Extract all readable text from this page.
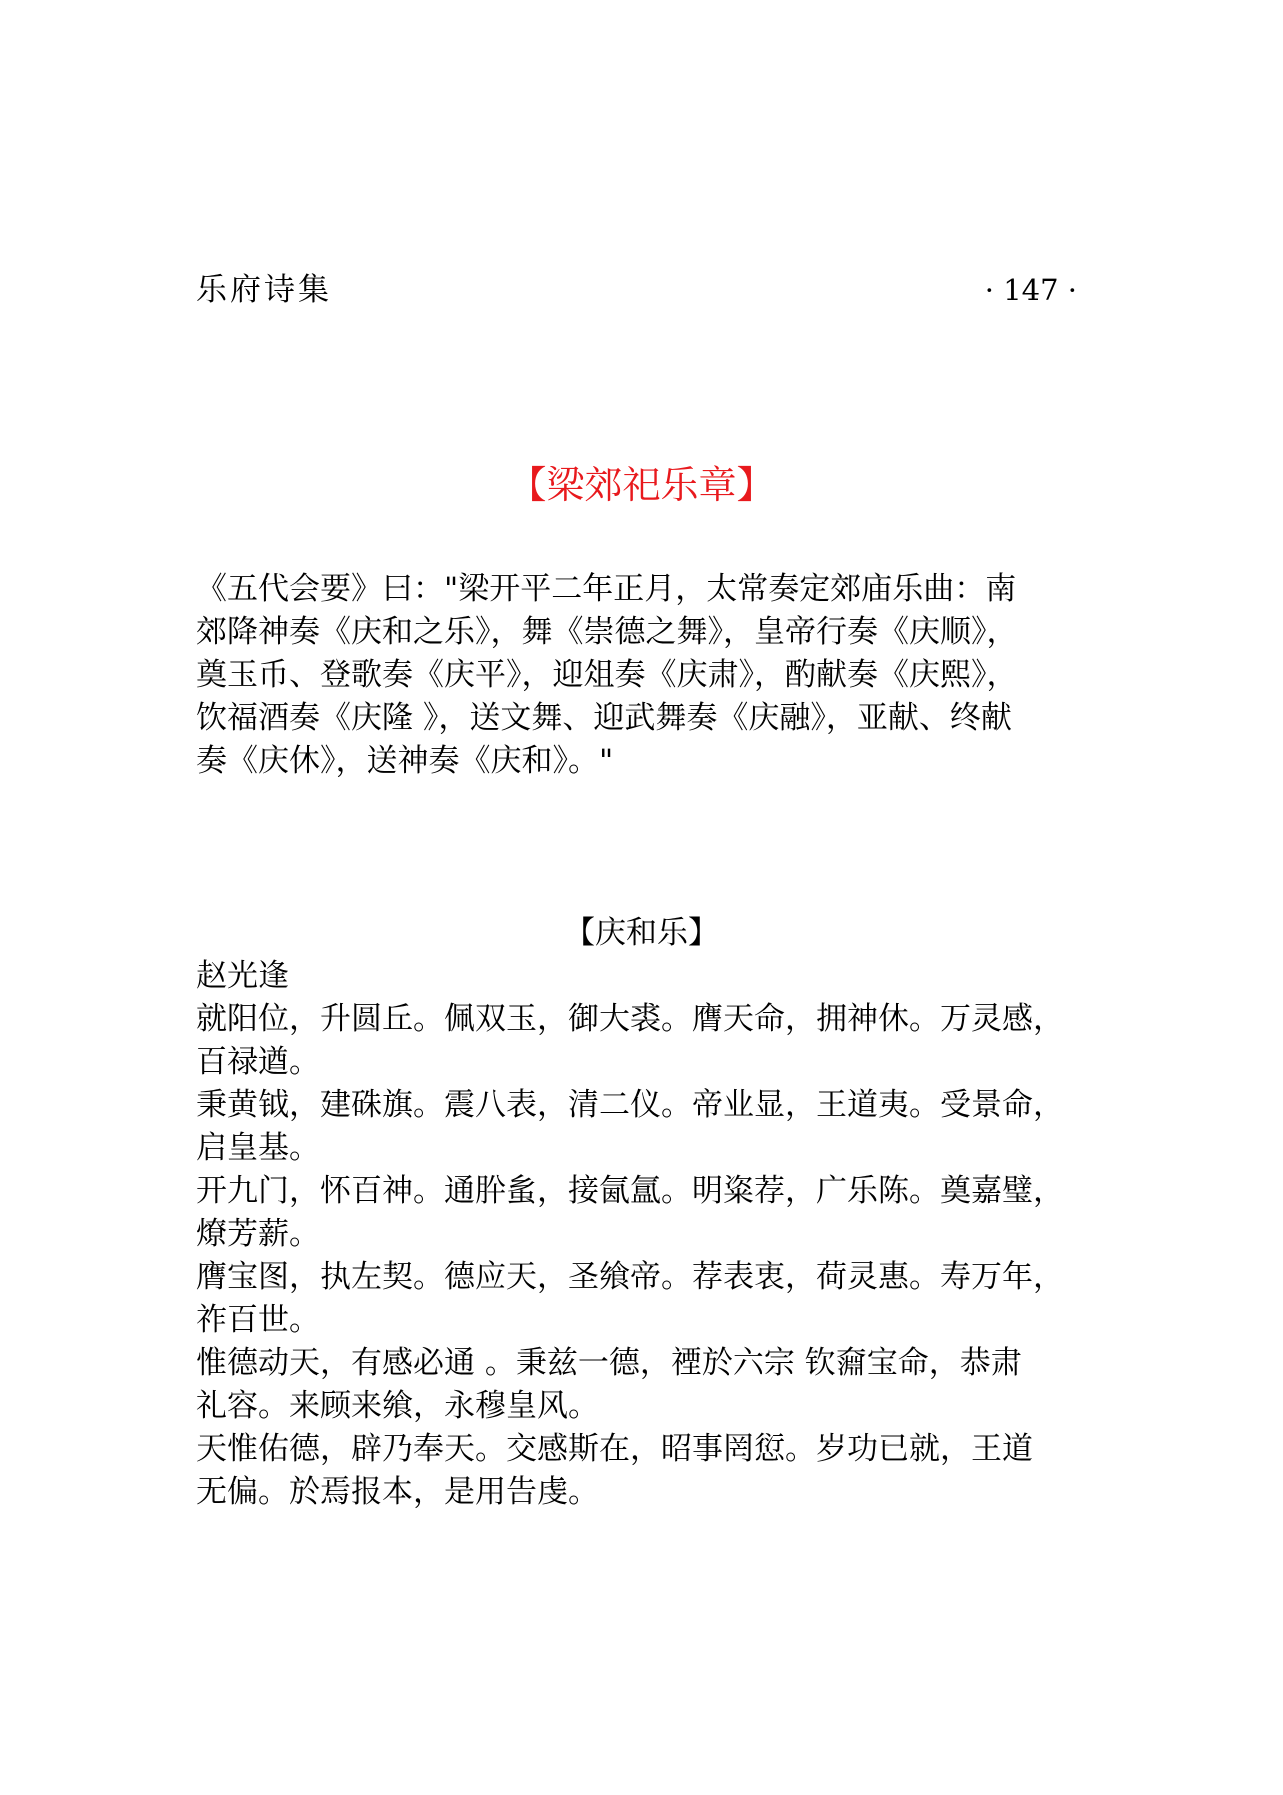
乐府诗集	· 147 ·
【梁郊祀乐章】
《五代会要》曰："梁开平二年正月，太常奏定郊庙乐曲：南
郊降神奏《庆和之乐》，舞《崇德之舞》，皇帝行奏《庆顺》，
奠玉币、登歌奏《庆平》，迎俎奏《庆肃》，酌献奏《庆熙》，
饮福酒奏《庆隆 》，送文舞、迎武舞奏《庆融》，亚献、终献
奏《庆休》，送神奏《庆和》。"
【庆和乐】
赵光逢
就阳位，升圆丘。佩双玉，御大裘。膺天命，拥神休。万灵感，
百禄遒。
秉黄钺，建硃旗。震八表，清二仪。帝业显，王道夷。受景命，
启皇基。
开九门，怀百神。通肸蚃，接氤氲。明粢荐，广乐陈。奠嘉璧，
燎芳薪。
膺宝图，执左契。德应天，圣飨帝。荐表衷，荷灵惠。寿万年，
祚百世。
惟德动天，有感必通 。秉兹一德，禋於六宗 钦奫宝命，恭肃
礼容。来顾来飨，永穆皇风。
天惟佑德，辟乃奉天。交感斯在，昭事罔愆。岁功已就，王道
无偏。於焉报本，是用告虔。
